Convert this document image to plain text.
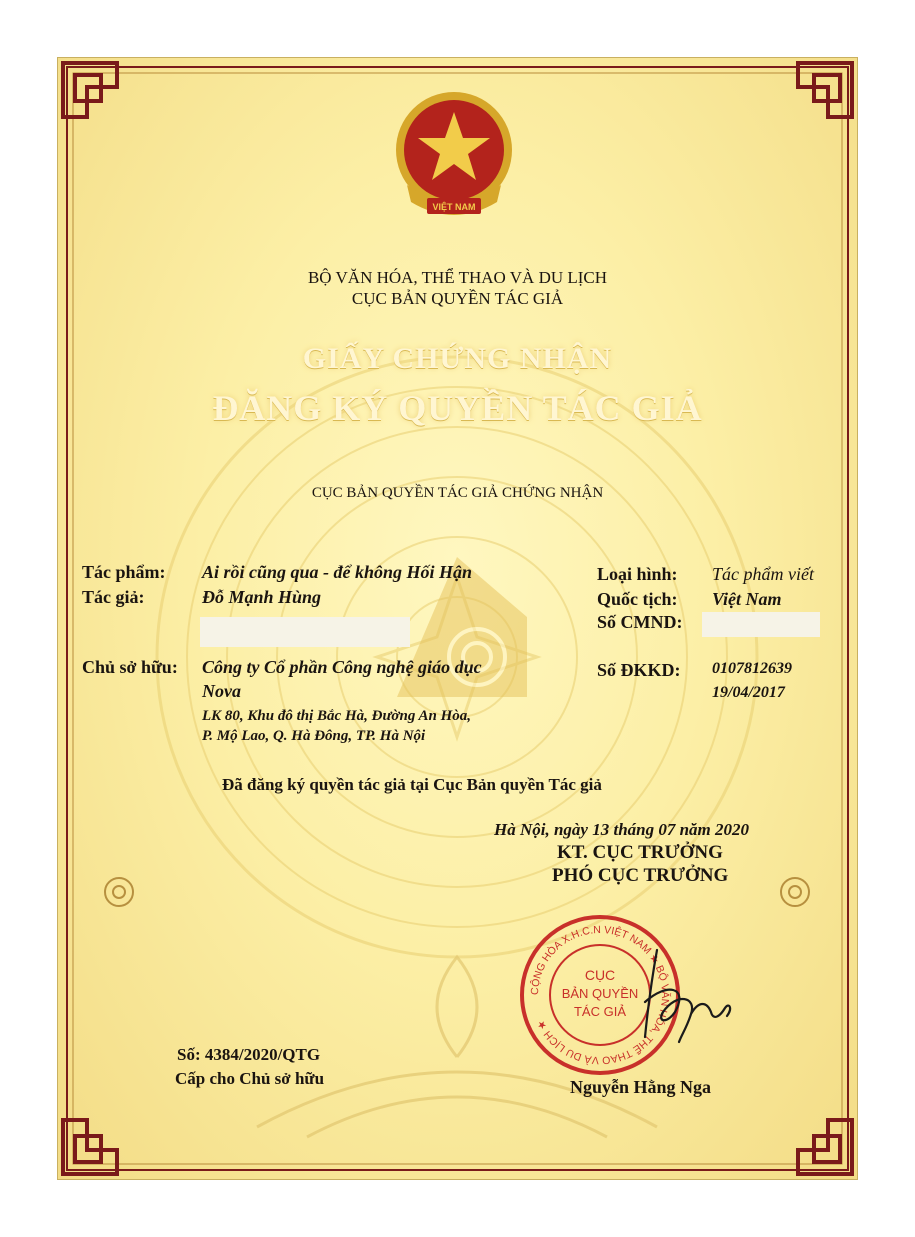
VIỆT NAM
BỘ VĂN HÓA, THỂ THAO VÀ DU LỊCH
CỤC BẢN QUYỀN TÁC GIẢ
GIẤY CHỨNG NHẬN
ĐĂNG KÝ QUYỀN TÁC GIẢ
CỤC BẢN QUYỀN TÁC GIẢ CHỨNG NHẬN
Tác phẩm: Ai rồi cũng qua - để không Hối Hận
Tác giả:	Đỗ Mạnh Hùng
Loại hình: Tác phẩm viết
Quốc tịch: Việt Nam
Số CMND:
Chủ sở hữu: Công ty Cổ phần Công nghệ giáo dục
Nova
LK 80, Khu đô thị Bắc Hà, Đường An Hòa,
P. Mộ Lao, Q. Hà Đông, TP. Hà Nội
Số ĐKKD: 0107812639
19/04/2017
Đã đăng ký quyền tác giả tại Cục Bản quyền Tác giả
Hà Nội, ngày 13 tháng 07 năm 2020
KT. CỤC TRƯỞNG
PHÓ CỤC TRƯỞNG
CỘNG HÒA X.H.C.N VIỆT NAM ★ BỘ VĂN HÓA, THỂ THAO VÀ DU LỊCH ★
CỤC
BẢN QUYỀN
TÁC GIẢ
Số: 4384/2020/QTG
Cấp cho Chủ sở hữu	Nguyễn Hằng Nga
